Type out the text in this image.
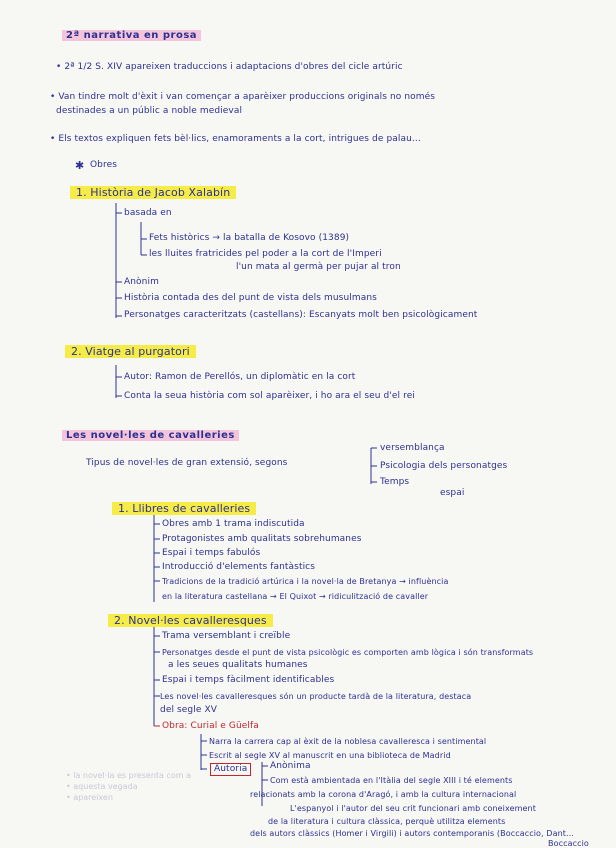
2ª narrativa en prosa
• 2ª 1/2 S. XIV apareixen traduccions i adaptacions d'obres del cicle artúric
• Van tindre molt d'èxit i van començar a aparèixer produccions originals no només
destinades a un públic a noble medieval
• Els textos expliquen fets bèl·lics, enamoraments a la cort, intrigues de palau...
✱ Obres
1. Història de Jacob Xalabín
basada en
Fets històrics → la batalla de Kosovo (1389)
les lluites fratricides pel poder a la cort de l'Imperi
l'un mata al germà per pujar al tron
Anònim
Història contada des del punt de vista dels musulmans
Personatges caracteritzats (castellans): Escanyats molt ben psicològicament
2. Viatge al purgatori
Autor: Ramon de Perellós, un diplomàtic en la cort
Conta la seua història com sol aparèixer, i ho ara el seu d'el rei
Les novel·les de cavalleries
Tipus de novel·les de gran extensió, segons
versemblança
Psicologia dels personatges
Temps
espai
1. Llibres de cavalleries
Obres amb 1 trama indiscutida
Protagonistes amb qualitats sobrehumanes
Espai i temps fabulós
Introducció d'elements fantàstics
Tradicions de la tradició artúrica i la novel·la de Bretanya → influència
en la literatura castellana → El Quixot → ridiculització de cavaller
2. Novel·les cavalleresques
Trama versemblant i creïble
Personatges desde el punt de vista psicològic es comporten amb lògica i són transformats
a les seues qualitats humanes
Espai i temps fàcilment identificables
Les novel·les cavalleresques són un producte tardà de la literatura, destaca
del segle XV
Obra: Curial e Güelfa
Narra la carrera cap al èxit de la noblesa cavalleresca i sentimental
Escrit al segle XV al manuscrit en una biblioteca de Madrid
Autoria	Anònima
Com està ambientada en l'Itàlia del segle XIII i té elements
relacionats amb la corona d'Aragó, i amb la cultura internacional
L'espanyol i l'autor del seu crit funcionari amb coneixement
de la literatura i cultura clàssica, perquè utilitza elements
dels autors clàssics (Homer i Virgili) i autors contemporanis (Boccaccio, Dant...
Boccaccio
• la novel·la es presenta com a
• aquesta vegada
• apareixen
